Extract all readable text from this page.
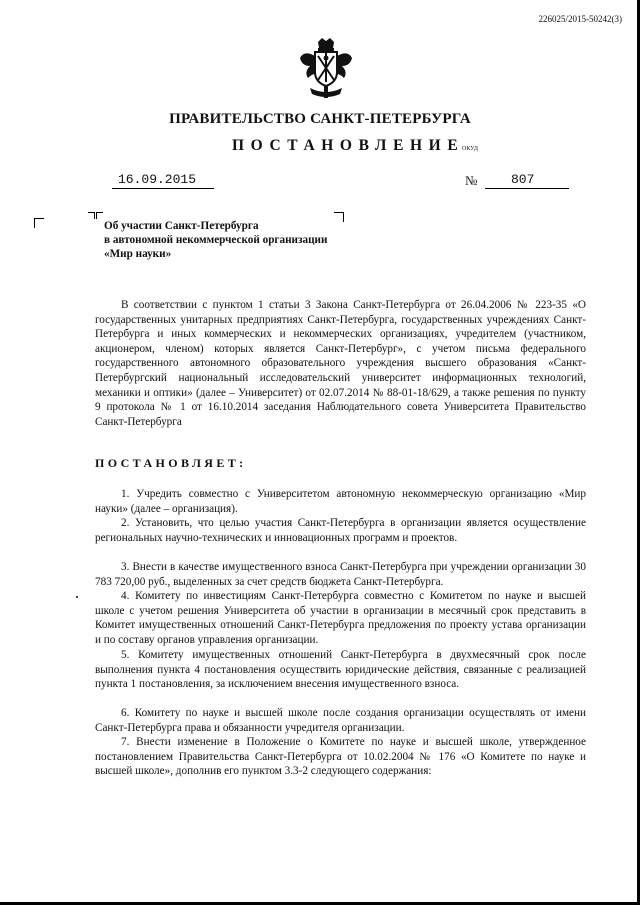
226025/2015-50242(3)
ПРАВИТЕЛЬСТВО САНКТ-ПЕТЕРБУРГА
ПОСТАНОВЛЕНИЕ
ОКУД
16.09.2015	№	807
Об участии Санкт-Петербурга
в автономной некоммерческой организации
«Мир науки»

В соответствии с пунктом 1 статьи 3 Закона Санкт-Петербурга от 26.04.2006 № 223-35 «О государственных унитарных предприятиях Санкт-Петербурга, государственных учреждениях Санкт-Петербурга и иных коммерческих и некоммерческих организациях, учредителем (участником, акционером, членом) которых является Санкт-Петербург», с учетом письма федерального государственного автономного образовательного учреждения высшего образования «Санкт-Петербургский национальный исследовательский университет информационных технологий, механики и оптики» (далее – Университет) от 02.07.2014 № 88-01-18/629, а также решения по пункту 9 протокола № 1 от 16.10.2014 заседания Наблюдательного совета Университета Правительство Санкт-Петербурга

ПОСТАНОВЛЯЕТ:

1. Учредить совместно с Университетом автономную некоммерческую организацию «Мир науки» (далее – организация).

2. Установить, что целью участия Санкт-Петербурга в организации является осуществление региональных научно-технических и инновационных программ и проектов.

3. Внести в качестве имущественного взноса Санкт-Петербурга при учреждении организации 30 783 720,00 руб., выделенных за счет средств бюджета Санкт-Петербурга.

4. Комитету по инвестициям Санкт-Петербурга совместно с Комитетом по науке и высшей школе с учетом решения Университета об участии в организации в месячный срок представить в Комитет имущественных отношений Санкт-Петербурга предложения по проекту устава организации и по составу органов управления организации.

5. Комитету имущественных отношений Санкт-Петербурга в двухмесячный срок после выполнения пункта 4 постановления осуществить юридические действия, связанные с реализацией пункта 1 постановления, за исключением внесения имущественного взноса.

6. Комитету по науке и высшей школе после создания организации осуществлять от имени Санкт-Петербурга права и обязанности учредителя организации.

7. Внести изменение в Положение о Комитете по науке и высшей школе, утвержденное постановлением Правительства Санкт-Петербурга от 10.02.2004 № 176 «О Комитете по науке и высшей школе», дополнив его пунктом 3.3-2 следующего содержания:
